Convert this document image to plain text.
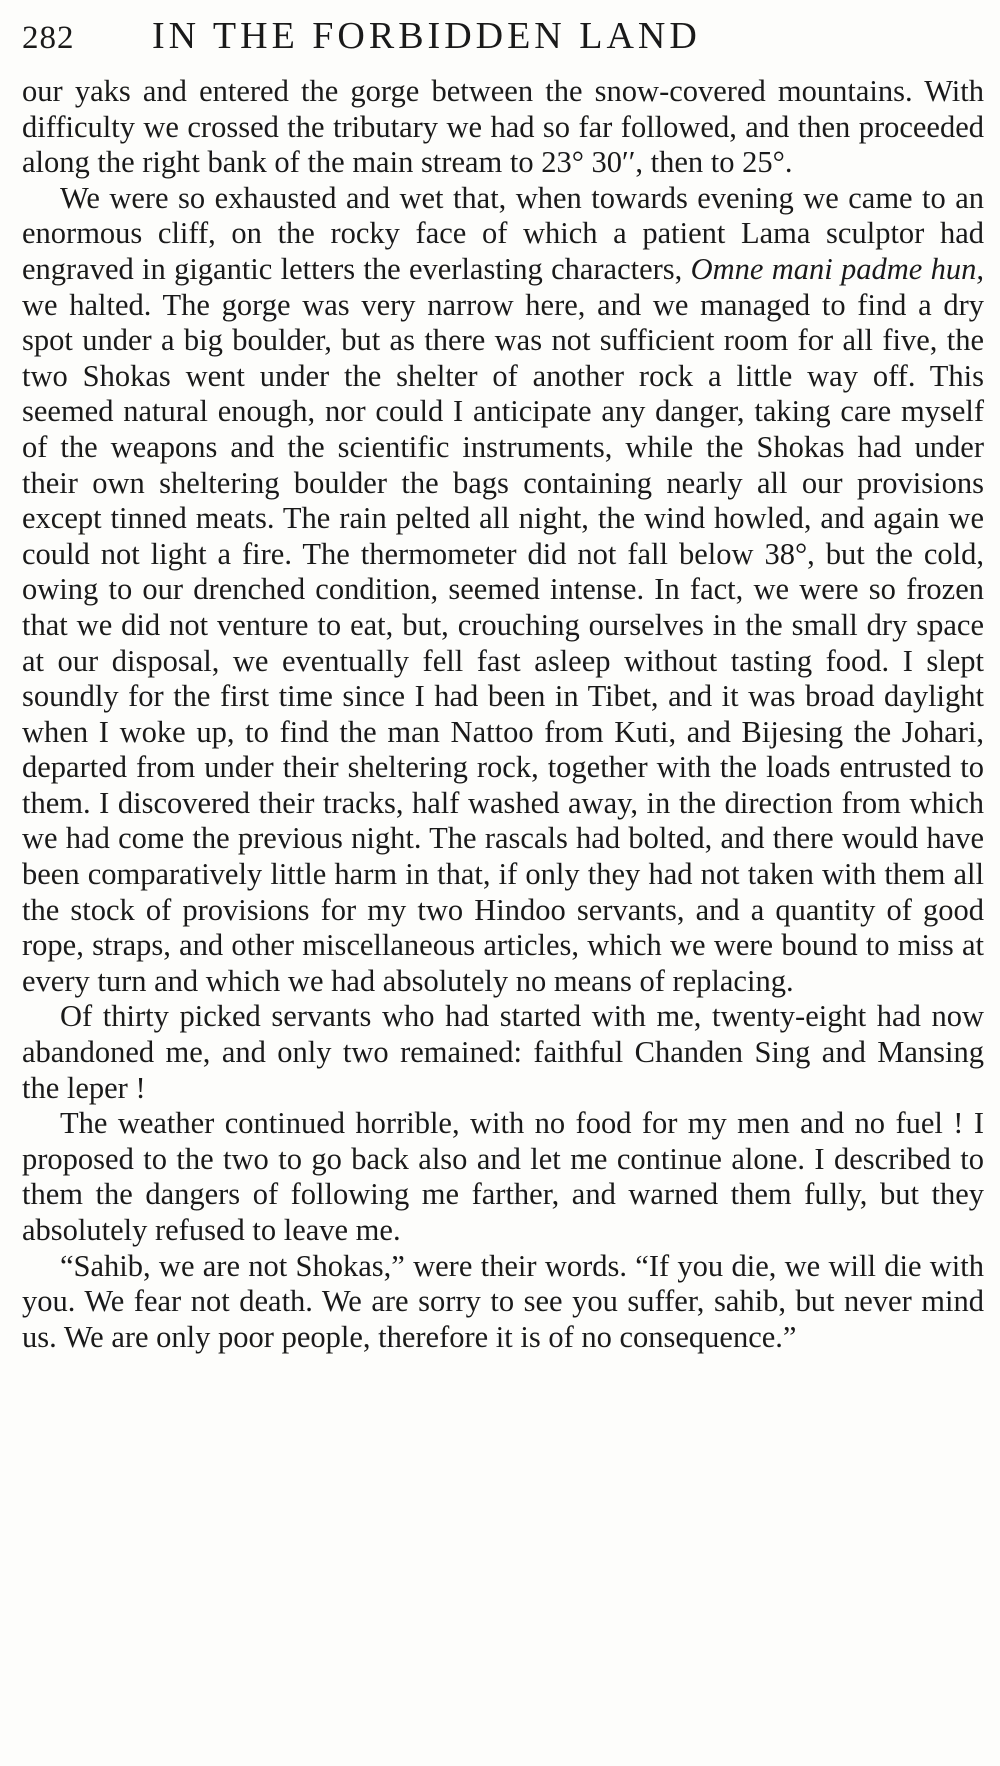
282	IN THE FORBIDDEN LAND

our yaks and entered the gorge between the snow-covered mountains. With difficulty we crossed the tributary we had so far followed, and then proceeded along the right bank of the main stream to 23° 30′′, then to 25°.

We were so exhausted and wet that, when towards evening we came to an enormous cliff, on the rocky face of which a patient Lama sculptor had engraved in gigantic letters the everlasting characters, Omne mani padme hun, we halted. The gorge was very narrow here, and we managed to find a dry spot under a big boulder, but as there was not sufficient room for all five, the two Shokas went under the shelter of another rock a little way off. This seemed natural enough, nor could I anticipate any danger, taking care myself of the weapons and the scientific instruments, while the Shokas had under their own sheltering boulder the bags containing nearly all our provisions except tinned meats. The rain pelted all night, the wind howled, and again we could not light a fire. The thermometer did not fall below 38°, but the cold, owing to our drenched condition, seemed intense. In fact, we were so frozen that we did not venture to eat, but, crouching ourselves in the small dry space at our disposal, we eventually fell fast asleep without tasting food. I slept soundly for the first time since I had been in Tibet, and it was broad daylight when I woke up, to find the man Nattoo from Kuti, and Bijesing the Johari, departed from under their sheltering rock, together with the loads entrusted to them. I discovered their tracks, half washed away, in the direction from which we had come the previous night. The rascals had bolted, and there would have been comparatively little harm in that, if only they had not taken with them all the stock of provisions for my two Hindoo servants, and a quantity of good rope, straps, and other miscellaneous articles, which we were bound to miss at every turn and which we had absolutely no means of replacing.

Of thirty picked servants who had started with me, twenty-eight had now abandoned me, and only two remained: faithful Chanden Sing and Mansing the leper !

The weather continued horrible, with no food for my men and no fuel ! I proposed to the two to go back also and let me continue alone. I described to them the dangers of following me farther, and warned them fully, but they absolutely refused to leave me.

“Sahib, we are not Shokas,” were their words. “If you die, we will die with you. We fear not death. We are sorry to see you suffer, sahib, but never mind us. We are only poor people, therefore it is of no consequence.”
